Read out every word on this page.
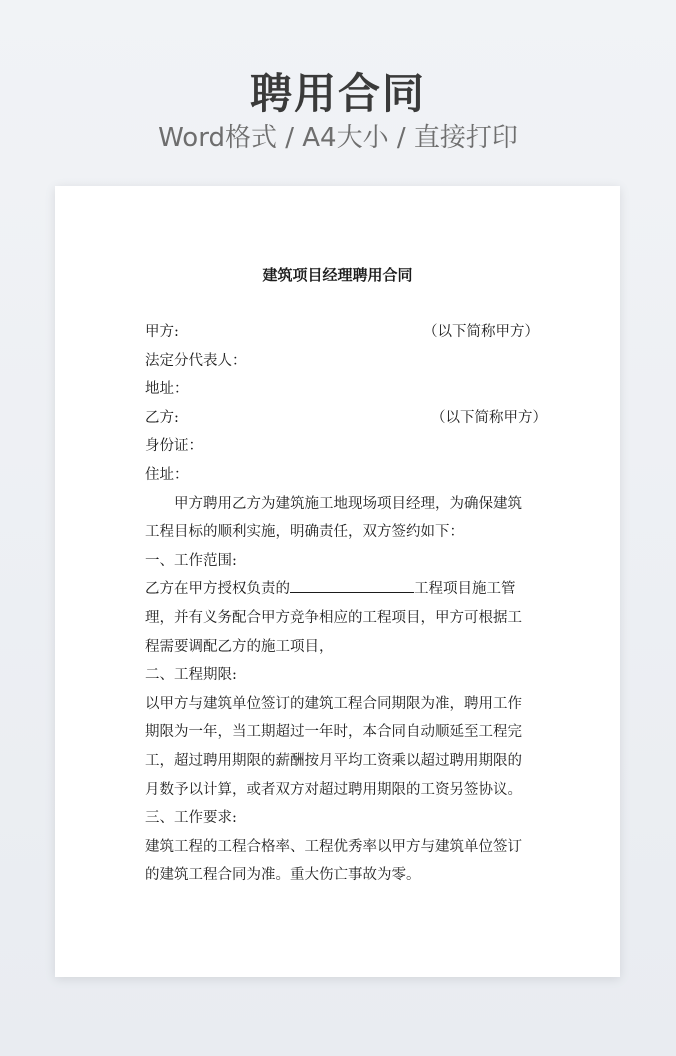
聘用合同
Word格式 / A4大小 / 直接打印
建筑项目经理聘用合同
甲方:	（以下简称甲方）
法定分代表人：
地址：
乙方:	（以下简称甲方）
身份证：
住址：
甲方聘用乙方为建筑施工地现场项目经理，为确保建筑
工程目标的顺利实施，明确责任，双方签约如下：
一、工作范围:
乙方在甲方授权负责的	工程项目施工管
理，并有义务配合甲方竞争相应的工程项目，甲方可根据工
程需要调配乙方的施工项目，
二、工程期限:
以甲方与建筑单位签订的建筑工程合同期限为准，聘用工作
期限为一年，当工期超过一年时，本合同自动顺延至工程完
工，超过聘用期限的薪酬按月平均工资乘以超过聘用期限的
月数予以计算，或者双方对超过聘用期限的工资另签协议。
三、工作要求:
建筑工程的工程合格率、工程优秀率以甲方与建筑单位签订
的建筑工程合同为准。重大伤亡事故为零。
